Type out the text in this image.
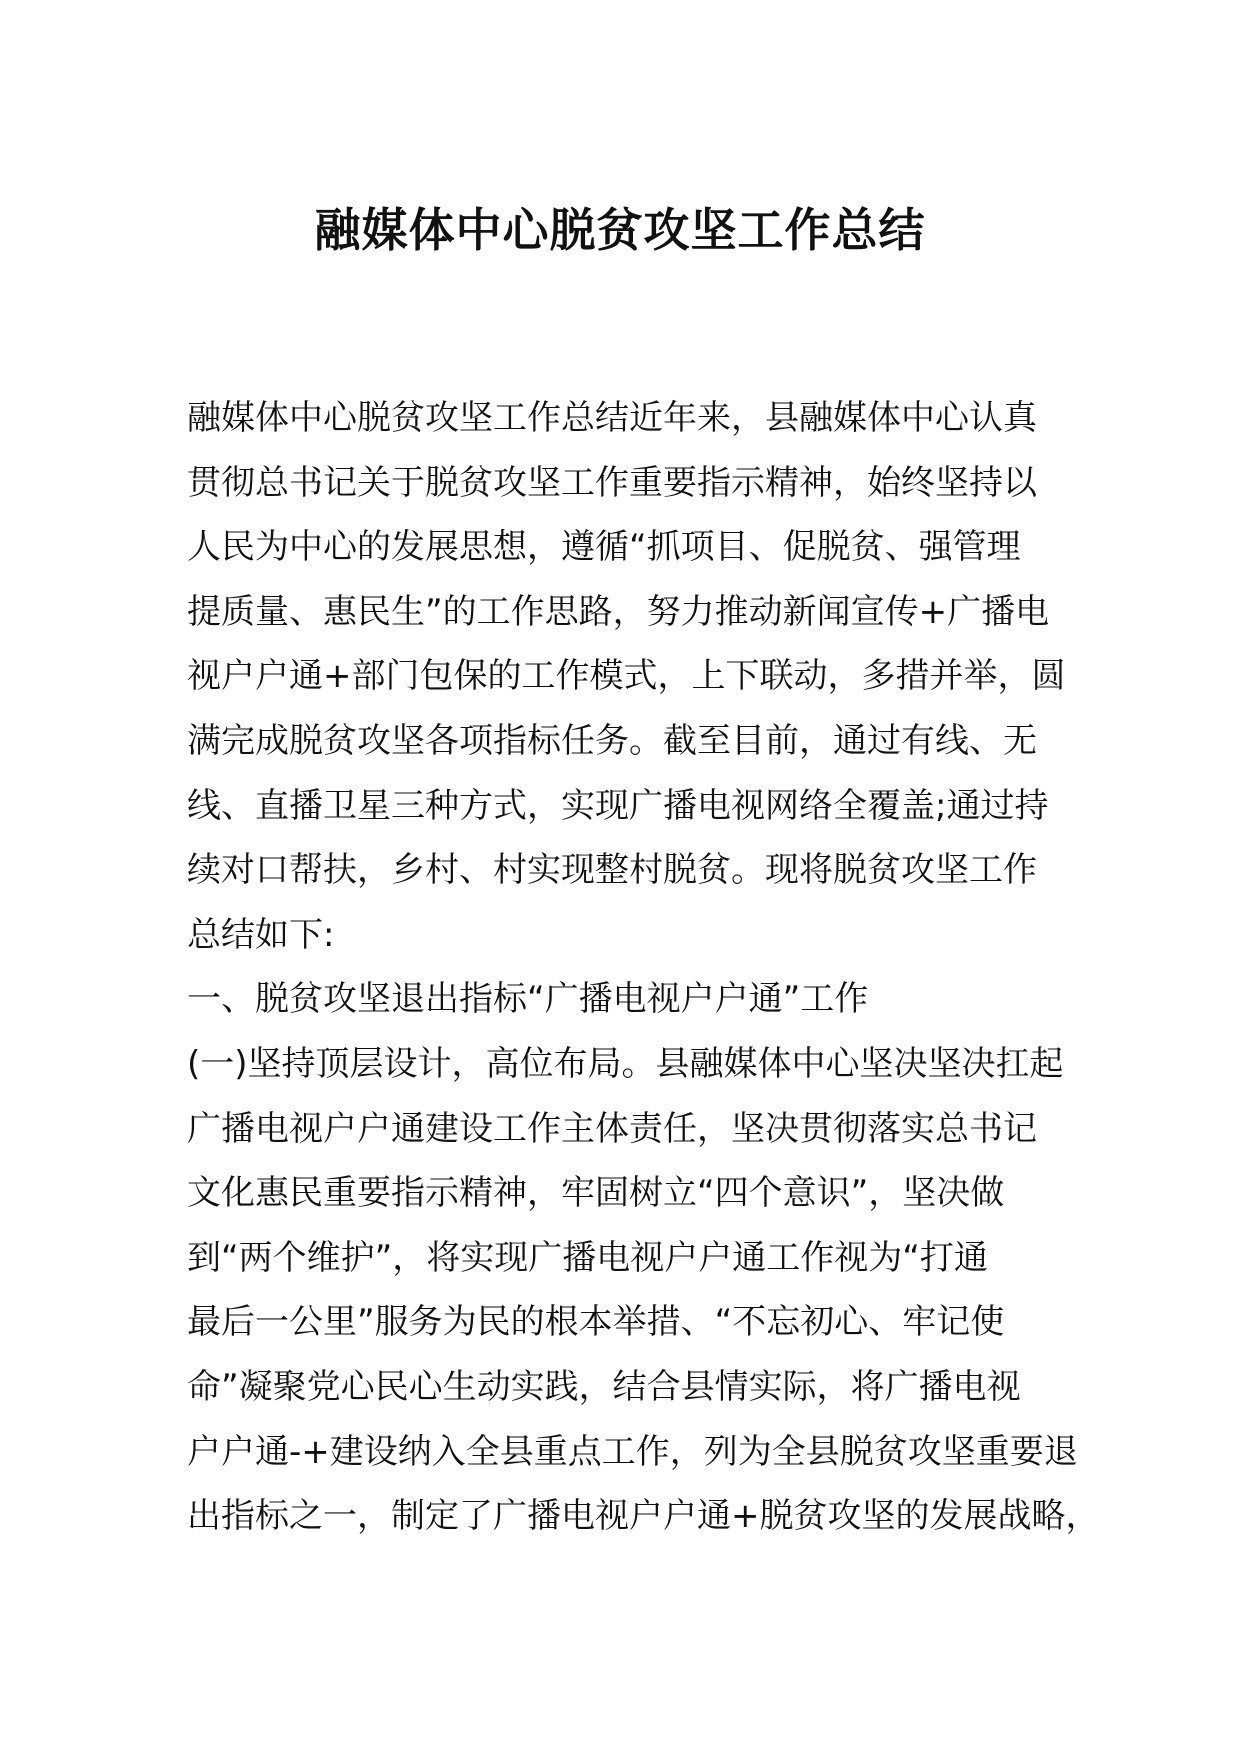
融媒体中心脱贫攻坚工作总结
融媒体中心脱贫攻坚工作总结近年来，县融媒体中心认真
贯彻总书记关于脱贫攻坚工作重要指示精神，始终坚持以
人民为中心的发展思想，遵循“抓项目、促脱贫、强管理
提质量、惠民生”的工作思路，努力推动新闻宣传+广播电
视户户通+部门包保的工作模式，上下联动，多措并举，圆
满完成脱贫攻坚各项指标任务。截至目前，通过有线、无
线、直播卫星三种方式，实现广播电视网络全覆盖;通过持
续对口帮扶，乡村、村实现整村脱贫。现将脱贫攻坚工作
总结如下:
一、脱贫攻坚退出指标“广播电视户户通”工作
(一)坚持顶层设计，高位布局。县融媒体中心坚决坚决扛起
广播电视户户通建设工作主体责任，坚决贯彻落实总书记
文化惠民重要指示精神，牢固树立“四个意识”，坚决做
到“两个维护”，将实现广播电视户户通工作视为“打通
最后一公里”服务为民的根本举措、“不忘初心、牢记使
命”凝聚党心民心生动实践，结合县情实际，将广播电视
户户通-+建设纳入全县重点工作，列为全县脱贫攻坚重要退
出指标之一，制定了广播电视户户通+脱贫攻坚的发展战略，
